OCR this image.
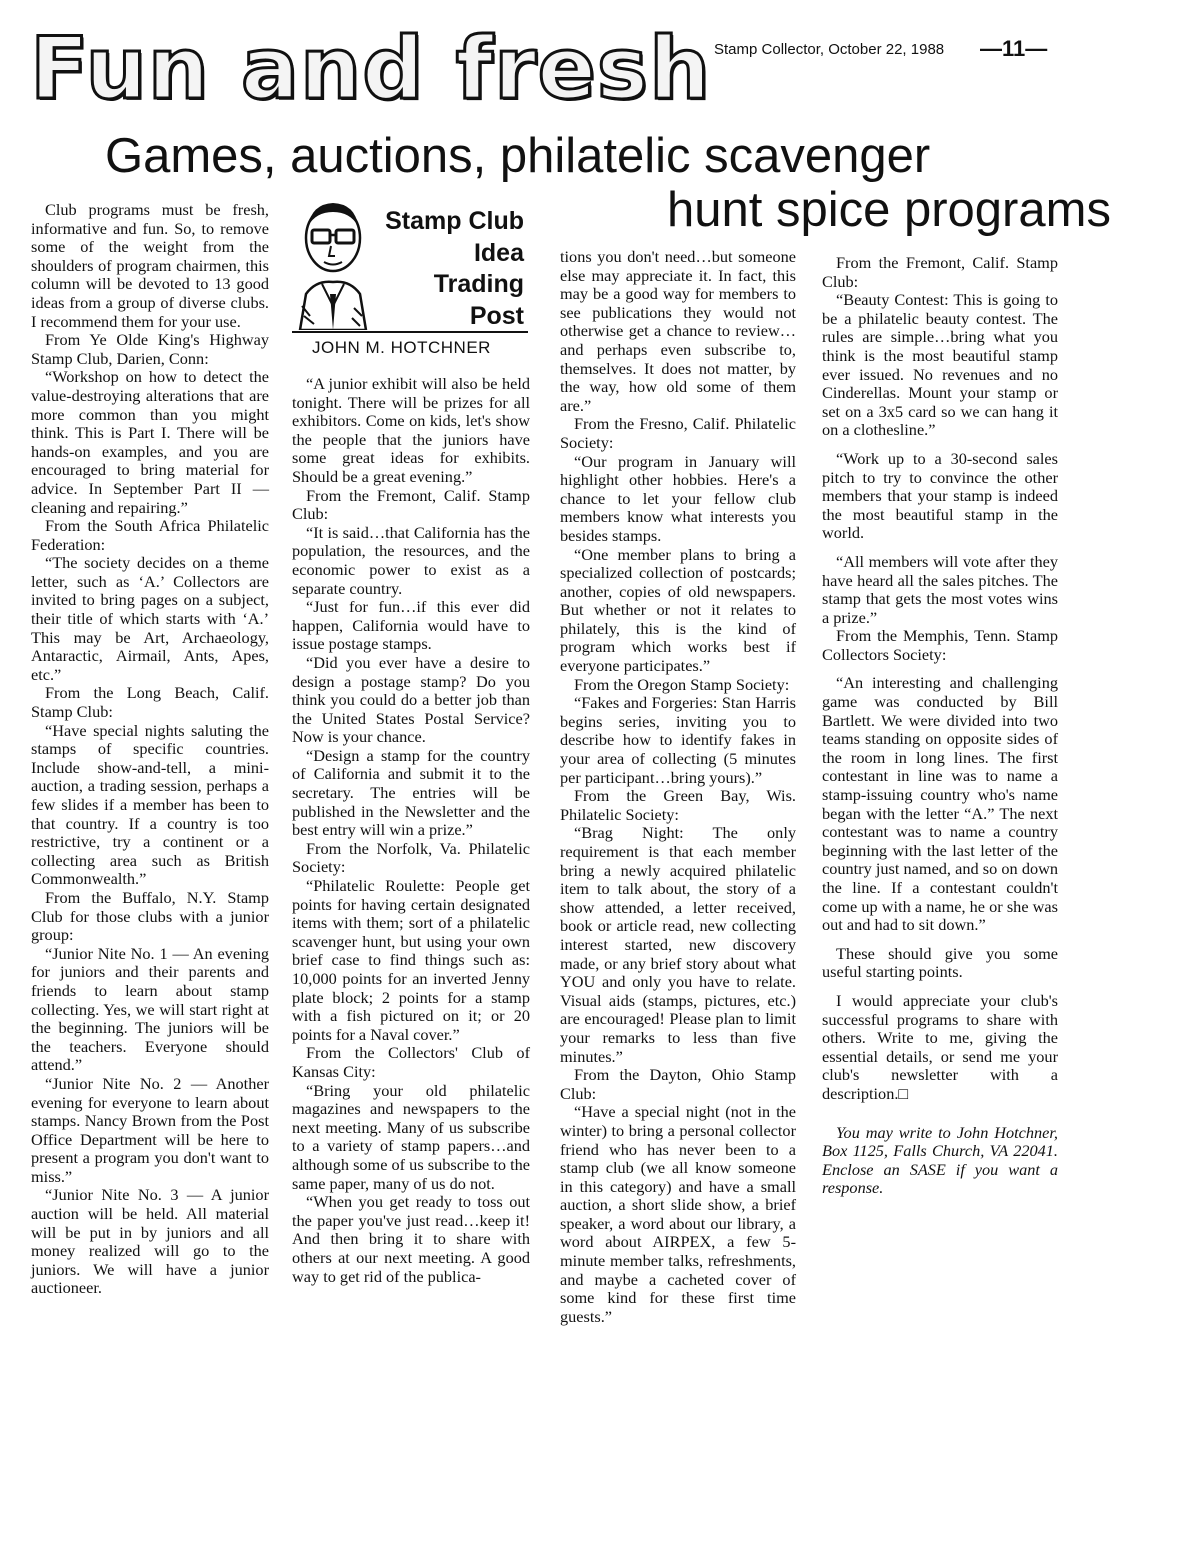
Fun and fresh Stamp Collector, October 22, 1988 —11—
Games, auctions, philatelic scavenger
hunt spice programs
Stamp Club
Idea
Trading
Post
JOHN M. HOTCHNER

Club programs must be fresh, informative and fun. So, to remove some of the weight from the shoulders of program chairmen, this column will be devoted to 13 good ideas from a group of diverse clubs. I recommend them for your use.

From Ye Olde King's Highway Stamp Club, Darien, Conn:

“Workshop on how to detect the value-destroying alterations that are more common than you might think. This is Part I. There will be hands-on examples, and you are encouraged to bring material for advice. In September Part II — cleaning and repairing.”

From the South Africa Philatelic Federation:

“The society decides on a theme letter, such as ‘A.’ Collectors are invited to bring pages on a subject, their title of which starts with ‘A.’ This may be Art, Archaeology, Antaractic, Airmail, Ants, Apes, etc.”

From the Long Beach, Calif. Stamp Club:

“Have special nights saluting the stamps of specific countries. Include show-and-tell, a mini-auction, a trading session, perhaps a few slides if a member has been to that country. If a country is too restrictive, try a continent or a collecting area such as British Commonwealth.”

From the Buffalo, N.Y. Stamp Club for those clubs with a junior group:

“Junior Nite No. 1 — An evening for juniors and their parents and friends to learn about stamp collecting. Yes, we will start right at the beginning. The juniors will be the teachers. Everyone should attend.”

“Junior Nite No. 2 — Another evening for everyone to learn about stamps. Nancy Brown from the Post Office Department will be here to present a program you don't want to miss.”

“Junior Nite No. 3 — A junior auction will be held. All material will be put in by juniors and all money realized will go to the juniors. We will have a junior auctioneer.

“A junior exhibit will also be held tonight. There will be prizes for all exhibitors. Come on kids, let's show the people that the juniors have some great ideas for exhibits. Should be a great evening.”

From the Fremont, Calif. Stamp Club:

“It is said…that California has the population, the resources, and the economic power to exist as a separate country.

“Just for fun…if this ever did happen, California would have to issue postage stamps.

“Did you ever have a desire to design a postage stamp? Do you think you could do a better job than the United States Postal Service? Now is your chance.

“Design a stamp for the country of California and submit it to the secretary. The entries will be published in the Newsletter and the best entry will win a prize.”

From the Norfolk, Va. Philatelic Society:

“Philatelic Roulette: People get points for having certain designated items with them; sort of a philatelic scavenger hunt, but using your own brief case to find things such as: 10,000 points for an inverted Jenny plate block; 2 points for a stamp with a fish pictured on it; or 20 points for a Naval cover.”

From the Collectors' Club of Kansas City:

“Bring your old philatelic magazines and newspapers to the next meeting. Many of us subscribe to a variety of stamp papers…and although some of us subscribe to the same paper, many of us do not.

“When you get ready to toss out the paper you've just read…keep it! And then bring it to share with others at our next meeting. A good way to get rid of the publica-

tions you don't need…but someone else may appreciate it. In fact, this may be a good way for members to see publications they would not otherwise get a chance to review…and perhaps even subscribe to, themselves. It does not matter, by the way, how old some of them are.”

From the Fresno, Calif. Philatelic Society:

“Our program in January will highlight other hobbies. Here's a chance to let your fellow club members know what interests you besides stamps.

“One member plans to bring a specialized collection of postcards; another, copies of old newspapers. But whether or not it relates to philately, this is the kind of program which works best if everyone participates.”

From the Oregon Stamp Society:

“Fakes and Forgeries: Stan Harris begins series, inviting you to describe how to identify fakes in your area of collecting (5 minutes per participant…bring yours).”

From the Green Bay, Wis. Philatelic Society:

“Brag Night: The only requirement is that each member bring a newly acquired philatelic item to talk about, the story of a show attended, a letter received, book or article read, new collecting interest started, new discovery made, or any brief story about what YOU and only you have to relate. Visual aids (stamps, pictures, etc.) are encouraged! Please plan to limit your remarks to less than five minutes.”

From the Dayton, Ohio Stamp Club:

“Have a special night (not in the winter) to bring a personal collector friend who has never been to a stamp club (we all know someone in this category) and have a small auction, a short slide show, a brief speaker, a word about our library, a word about AIRPEX, a few 5-minute member talks, refreshments, and maybe a cacheted cover of some kind for these first time guests.”

From the Fremont, Calif. Stamp Club:

“Beauty Contest: This is going to be a philatelic beauty contest. The rules are simple…bring what you think is the most beautiful stamp ever issued. No revenues and no Cinderellas. Mount your stamp or set on a 3x5 card so we can hang it on a clothesline.”

“Work up to a 30-second sales pitch to try to convince the other members that your stamp is indeed the most beautiful stamp in the world.

“All members will vote after they have heard all the sales pitches. The stamp that gets the most votes wins a prize.”

From the Memphis, Tenn. Stamp Collectors Society:

“An interesting and challenging game was conducted by Bill Bartlett. We were divided into two teams standing on opposite sides of the room in long lines. The first contestant in line was to name a stamp-issuing country who's name began with the letter “A.” The next contestant was to name a country beginning with the last letter of the country just named, and so on down the line. If a contestant couldn't come up with a name, he or she was out and had to sit down.”

These should give you some useful starting points.

I would appreciate your club's successful programs to share with others. Write to me, giving the essential details, or send me your club's newsletter with a description.□

You may write to John Hotchner, Box 1125, Falls Church, VA 22041. Enclose an SASE if you want a response.
